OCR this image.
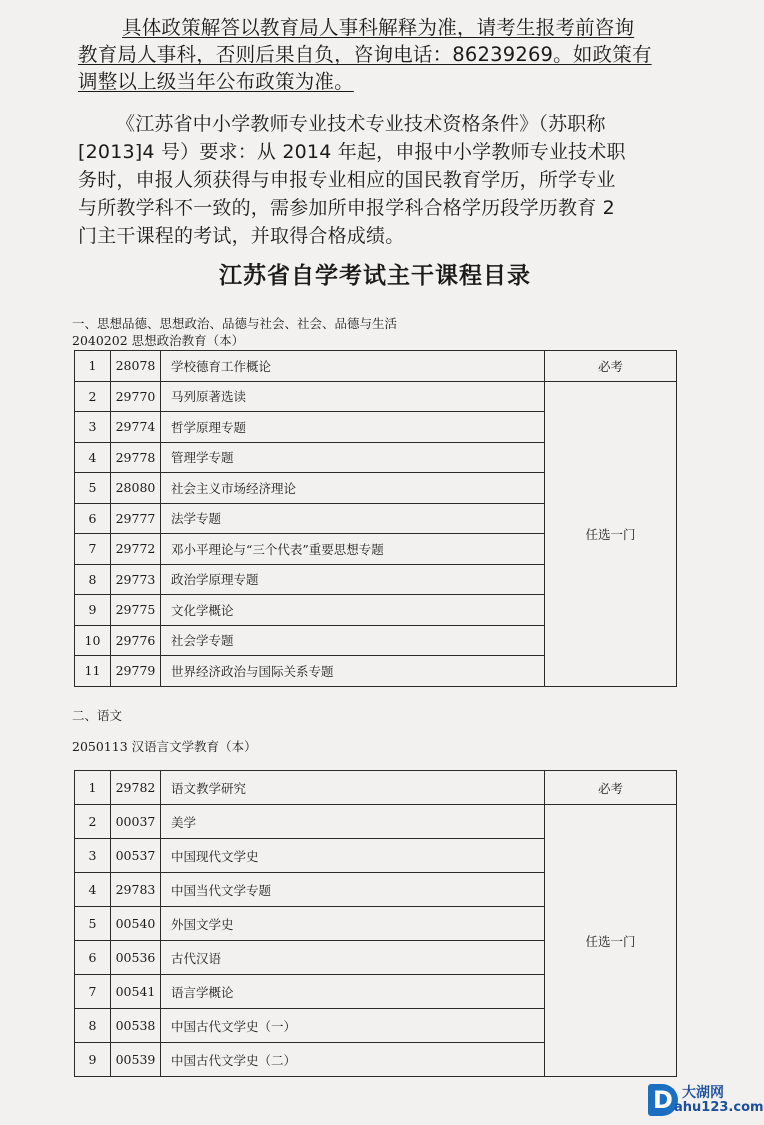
具体政策解答以教育局人事科解释为准，请考生报考前咨询
教育局人事科，否则后果自负，咨询电话：86239269。如政策有
调整以上级当年公布政策为准。
《江苏省中小学教师专业技术专业技术资格条件》（苏职称
[2013]4 号）要求：从 2014 年起，申报中小学教师专业技术职
务时，申报人须获得与申报专业相应的国民教育学历，所学专业
与所教学科不一致的，需参加所申报学科合格学历段学历教育 2
门主干课程的考试，并取得合格成绩。
江苏省自学考试主干课程目录
一、思想品德、思想政治、品德与社会、社会、品德与生活
2040202 思想政治教育（本）
1	28078	学校德育工作概论	必考
2	29770	马列原著选读	任选一门
3	29774	哲学原理专题	
4	29778	管理学专题	
5	28080	社会主义市场经济理论	
6	29777	法学专题	
7	29772	邓小平理论与“三个代表”重要思想专题	
8	29773	政治学原理专题	
9	29775	文化学概论	
10	29776	社会学专题	
11	29779	世界经济政治与国际关系专题	
二、语文
2050113 汉语言文学教育（本）
1	29782	语文教学研究	必考
2	00037	美学	任选一门
3	00537	中国现代文学史	
4	29783	中国当代文学专题	
5	00540	外国文学史	
6	00536	古代汉语	
7	00541	语言学概论	
8	00538	中国古代文学史（一）	
9	00539	中国古代文学史（二）	
D 大湖网
ahu123.com
